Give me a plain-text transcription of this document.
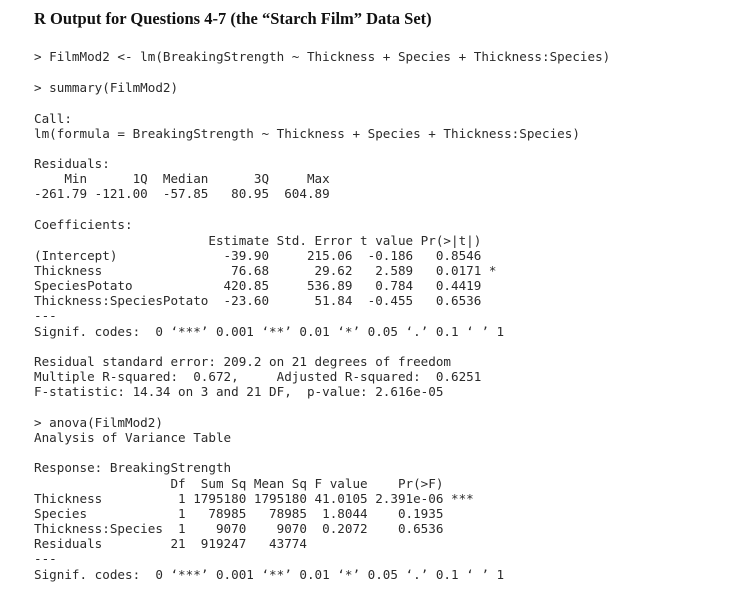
R Output for Questions 4-7 (the “Starch Film” Data Set)
> FilmMod2 <- lm(BreakingStrength ~ Thickness + Species + Thickness:Species)
> summary(FilmMod2)
Call:
lm(formula = BreakingStrength ~ Thickness + Species + Thickness:Species)
Residuals:
Min      1Q  Median      3Q     Max
-261.79 -121.00  -57.85   80.95  604.89
Coefficients:
Estimate Std. Error t value Pr(>|t|)
(Intercept)              -39.90     215.06  -0.186   0.8546
Thickness                 76.68      29.62   2.589   0.0171 *
SpeciesPotato            420.85     536.89   0.784   0.4419
Thickness:SpeciesPotato  -23.60      51.84  -0.455   0.6536
---
Signif. codes:  0 ‘***’ 0.001 ‘**’ 0.01 ‘*’ 0.05 ‘.’ 0.1 ‘ ’ 1
Residual standard error: 209.2 on 21 degrees of freedom
Multiple R-squared:  0.672,     Adjusted R-squared:  0.6251
F-statistic: 14.34 on 3 and 21 DF,  p-value: 2.616e-05
> anova(FilmMod2)
Analysis of Variance Table
Response: BreakingStrength
Df  Sum Sq Mean Sq F value    Pr(>F)
Thickness          1 1795180 1795180 41.0105 2.391e-06 ***
Species            1   78985   78985  1.8044    0.1935
Thickness:Species  1    9070    9070  0.2072    0.6536
Residuals         21  919247   43774
---
Signif. codes:  0 ‘***’ 0.001 ‘**’ 0.01 ‘*’ 0.05 ‘.’ 0.1 ‘ ’ 1
